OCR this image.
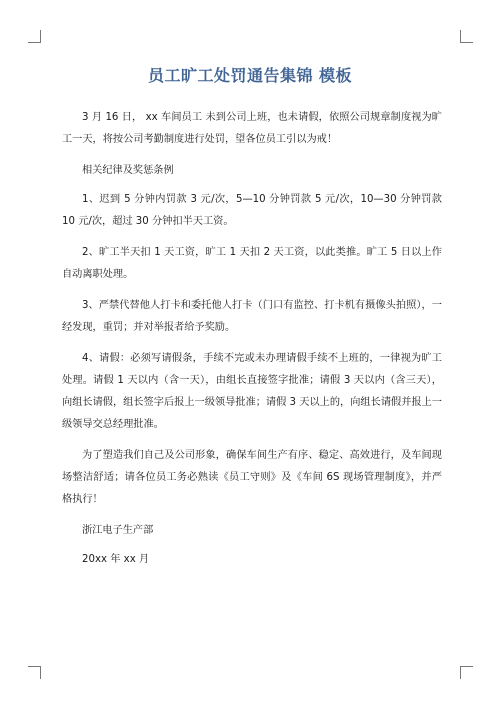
员工旷工处罚通告集锦 模板

3 月 16 日， xx 车间员工 未到公司上班，也未请假，依照公司规章制度视为旷工一天，将按公司考勤制度进行处罚，望各位员工引以为戒！

相关纪律及奖惩条例

1、迟到 5 分钟内罚款 3 元/次，5—10 分钟罚款 5 元/次，10—30 分钟罚款 10 元/次，超过 30 分钟扣半天工资。

2、旷工半天扣 1 天工资，旷工 1 天扣 2 天工资，以此类推。旷工 5 日以上作自动离职处理。

3、严禁代替他人打卡和委托他人打卡（门口有监控、打卡机有摄像头拍照），一经发现，重罚；并对举报者给予奖励。

4、请假：必须写请假条，手续不完或未办理请假手续不上班的，一律视为旷工处理。请假 1 天以内（含一天），由组长直接签字批准；请假 3 天以内（含三天），向组长请假，组长签字后报上一级领导批准；请假 3 天以上的，向组长请假并报上一级领导交总经理批准。

为了塑造我们自己及公司形象，确保车间生产有序、稳定、高效进行，及车间现场整洁舒适；请各位员工务必熟读《员工守则》及《车间 6S 现场管理制度》，并严格执行！

浙江电子生产部

20xx 年 xx 月
